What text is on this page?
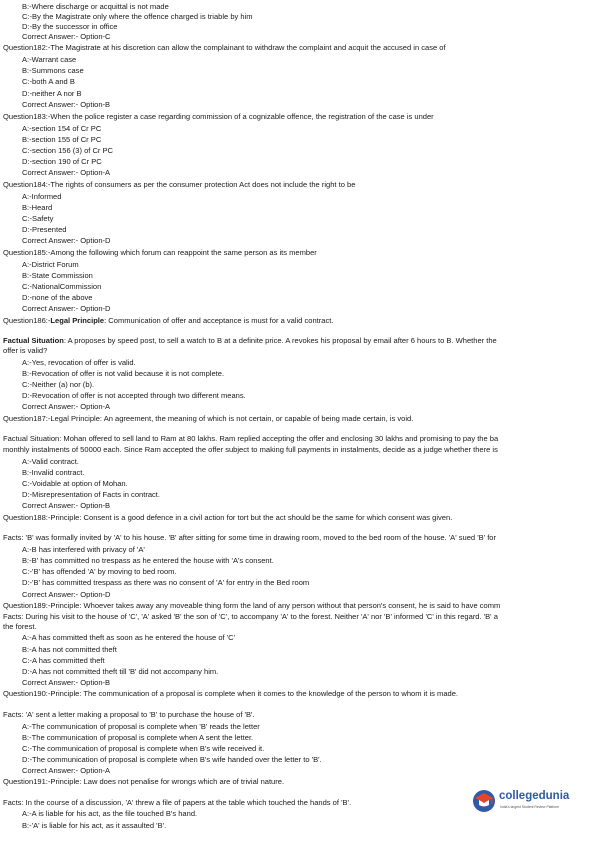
B:-Where discharge or acquittal is not made
C:-By the Magistrate only where the offence charged is triable by him
D:-By the successor in office
Correct Answer:- Option-C
Question182:-The Magistrate at his discretion can allow the complainant to withdraw the complaint and acquit the accused in case of
A:-Warrant case
B:-Summons case
C:-both A and B
D:-neither A nor B
Correct Answer:- Option-B
Question183:-When the police register a case regarding commission of a cognizable offence, the registration of the case is under
A:-section 154 of Cr PC
B:-section 155 of Cr PC
C:-section 156 (3) of Cr PC
D:-section 190 of Cr PC
Correct Answer:- Option-A
Question184:-The rights of consumers as per the consumer protection Act does not include the right to be
A:-Informed
B:-Heard
C:-Safety
D:-Presented
Correct Answer:- Option-D
Question185:-Among the following which forum can reappoint the same person as its member
A:-District Forum
B:-State Commission
C:-NationalCommission
D:-none of the above
Correct Answer:- Option-D
Question186:-Legal Principle: Communication of offer and acceptance is must for a valid contract.
Factual Situation: A proposes by speed post, to sell a watch to B at a definite price. A revokes his proposal by email after 6 hours to B. Whether the
offer is valid?
A:-Yes, revocation of offer is valid.
B:-Revocation of offer is not valid because it is not complete.
C:-Neither (a) nor (b).
D:-Revocation of offer is not accepted through two different means.
Correct Answer:- Option-A
Question187:-Legal Principle: An agreement, the meaning of which is not certain, or capable of being made certain, is void.
Factual Situation: Mohan offered to sell land to Ram at 80 lakhs. Ram replied accepting the offer and enclosing 30 lakhs and promising to pay the ba
monthly instalments of 50000 each. Since Ram accepted the offer subject to making full payments in instalments, decide as a judge whether there is
A:-Valid contract.
B:-Invalid contract.
C:-Voidable at option of Mohan.
D:-Misrepresentation of Facts in contract.
Correct Answer:- Option-B
Question188:-Principle: Consent is a good defence in a civil action for tort but the act should be the same for which consent was given.
Facts: 'B' was formally invited by 'A' to his house. 'B' after sitting for some time in drawing room, moved to the bed room of the house. 'A' sued 'B' for
A:-B has interfered with privacy of 'A'
B:-B' has committed no trespass as he entered the house with 'A's consent.
C:-'B' has offended 'A' by moving to bed room.
D:-'B' has committed trespass as there was no consent of 'A' for entry in the Bed room
Correct Answer:- Option-D
Question189:-Principle: Whoever takes away any moveable thing form the land of any person without that person's consent, he is said to have comm
Facts: During his visit to the house of 'C', 'A' asked 'B' the son of 'C', to accompany 'A' to the forest. Neither 'A' nor 'B' informed 'C' in this regard. 'B' a
the forest.
A:-A has committed theft as soon as he entered the house of 'C'
B:-A has not committed theft
C:-A has committed theft
D:-A has not committed theft till 'B' did not accompany him.
Correct Answer:- Option-B
Question190:-Principle: The communication of a proposal is complete when it comes to the knowledge of the person to whom it is made.
Facts: 'A' sent a letter making a proposal to 'B' to purchase the house of 'B'.
A:-The communication of proposal is complete when 'B' reads the letter
B:-The communication of proposal is complete when A sent the letter.
C:-The communication of proposal is complete when B's wife received it.
D:-The communication of proposal is complete when B's wife handed over the letter to 'B'.
Correct Answer:- Option-A
Question191:-Principle: Law does not penalise for wrongs which are of trivial nature.
Facts: In the course of a discussion, 'A' threw a file of papers at the table which touched the hands of 'B'.
A:-A is liable for his act, as the file touched B's hand.
B:-'A' is liable for his act, as it assaulted 'B'.
collegedunia
India's largest Student Review Platform
